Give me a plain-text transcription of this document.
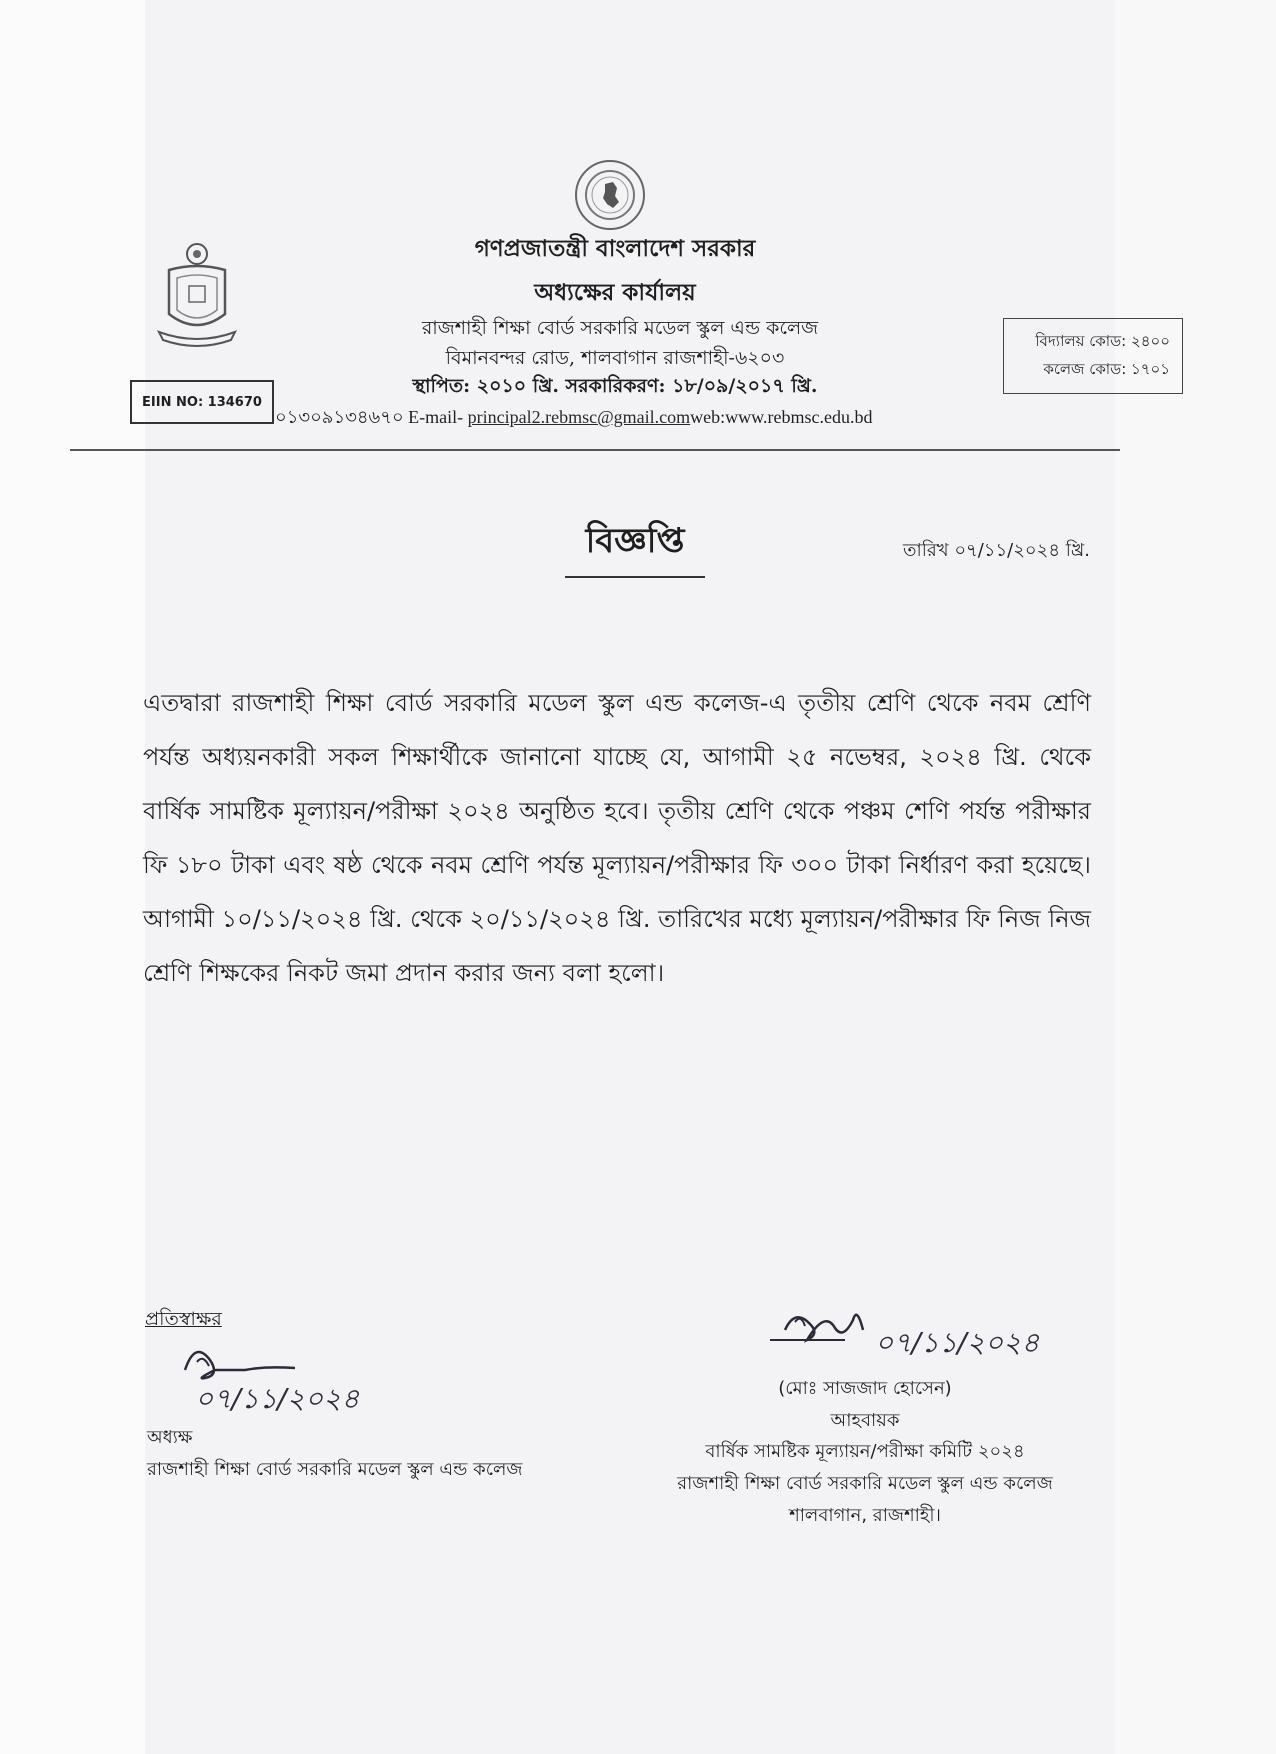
গণপ্রজাতন্ত্রী বাংলাদেশ সরকার
অধ্যক্ষের কার্যালয়
রাজশাহী শিক্ষা বোর্ড সরকারি মডেল স্কুল এন্ড কলেজ
বিমানবন্দর রোড, শালবাগান রাজশাহী-৬২০৩
স্থাপিত: ২০১০ খ্রি. সরকারিকরণ: ১৮/০৯/২০১৭ খ্রি.
০১৩০৯১৩৪৬৭০ E-mail- principal2.rebmsc@gmail.comweb:www.rebmsc.edu.bd
EIIN NO: 134670
বিদ্যালয় কোড: ২৪০০
কলেজ কোড: ১৭০১
বিজ্ঞপ্তি	তারিখ ০৭/১১/২০২৪ খ্রি.
এতদ্বারা রাজশাহী শিক্ষা বোর্ড সরকারি মডেল স্কুল এন্ড কলেজ-এ তৃতীয় শ্রেণি থেকে নবম শ্রেণি পর্যন্ত অধ্যয়নকারী সকল শিক্ষার্থীকে জানানো যাচ্ছে যে, আগামী ২৫ নভেম্বর, ২০২৪ খ্রি. থেকে বার্ষিক সামষ্টিক মূল্যায়ন/পরীক্ষা ২০২৪ অনুষ্ঠিত হবে। তৃতীয় শ্রেণি থেকে পঞ্চম শেণি পর্যন্ত পরীক্ষার ফি ১৮০ টাকা এবং ষষ্ঠ থেকে নবম শ্রেণি পর্যন্ত মূল্যায়ন/পরীক্ষার ফি ৩০০ টাকা নির্ধারণ করা হয়েছে। আগামী ১০/১১/২০২৪ খ্রি. থেকে ২০/১১/২০২৪ খ্রি. তারিখের মধ্যে মূল্যায়ন/পরীক্ষার ফি নিজ নিজ শ্রেণি শিক্ষকের নিকট জমা প্রদান করার জন্য বলা হলো।
প্রতিস্বাক্ষর
০৭/১১/২০২৪
অধ্যক্ষ
রাজশাহী শিক্ষা বোর্ড সরকারি মডেল স্কুল এন্ড কলেজ
০৭/১১/২০২৪
(মোঃ সাজজাদ হোসেন)
আহবায়ক
বার্ষিক সামষ্টিক মূল্যায়ন/পরীক্ষা কমিটি ২০২৪
রাজশাহী শিক্ষা বোর্ড সরকারি মডেল স্কুল এন্ড কলেজ
শালবাগান, রাজশাহী।
